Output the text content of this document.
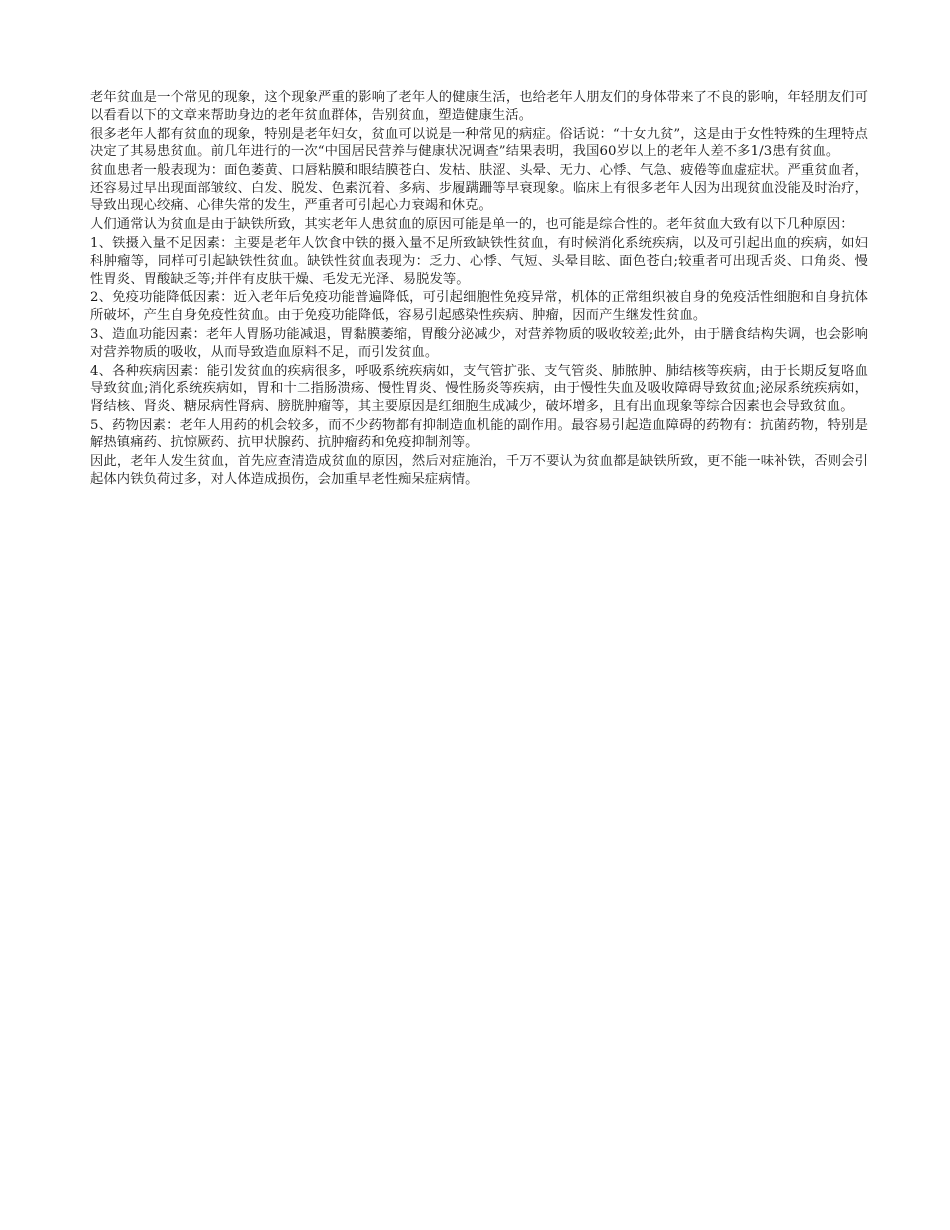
老年贫血是一个常见的现象，这个现象严重的影响了老年人的健康生活，也给老年人朋友们的身体带来了不良的影响，年轻朋友们可以看看以下的文章来帮助身边的老年贫血群体，告别贫血，塑造健康生活。

很多老年人都有贫血的现象，特别是老年妇女，贫血可以说是一种常见的病症。俗话说：“十女九贫”，这是由于女性特殊的生理特点决定了其易患贫血。前几年进行的一次“中国居民营养与健康状况调查”结果表明，我国60岁以上的老年人差不多1/3患有贫血。

贫血患者一般表现为：面色萎黄、口唇粘膜和眼结膜苍白、发枯、肤涩、头晕、无力、心悸、气急、疲倦等血虚症状。严重贫血者，还容易过早出现面部皱纹、白发、脱发、色素沉着、多病、步履蹒跚等早衰现象。临床上有很多老年人因为出现贫血没能及时治疗，导致出现心绞痛、心律失常的发生，严重者可引起心力衰竭和休克。

人们通常认为贫血是由于缺铁所致，其实老年人患贫血的原因可能是单一的，也可能是综合性的。老年贫血大致有以下几种原因：

1、铁摄入量不足因素：主要是老年人饮食中铁的摄入量不足所致缺铁性贫血，有时候消化系统疾病，以及可引起出血的疾病，如妇科肿瘤等，同样可引起缺铁性贫血。缺铁性贫血表现为：乏力、心悸、气短、头晕目眩、面色苍白;较重者可出现舌炎、口角炎、慢性胃炎、胃酸缺乏等;并伴有皮肤干燥、毛发无光泽、易脱发等。

2、免疫功能降低因素：近入老年后免疫功能普遍降低，可引起细胞性免疫异常，机体的正常组织被自身的免疫活性细胞和自身抗体所破坏，产生自身免疫性贫血。由于免疫功能降低，容易引起感染性疾病、肿瘤，因而产生继发性贫血。

3、造血功能因素：老年人胃肠功能减退，胃黏膜萎缩，胃酸分泌减少，对营养物质的吸收较差;此外，由于膳食结构失调，也会影响对营养物质的吸收，从而导致造血原料不足，而引发贫血。

4、各种疾病因素：能引发贫血的疾病很多，呼吸系统疾病如，支气管扩张、支气管炎、肺脓肿、肺结核等疾病，由于长期反复咯血导致贫血;消化系统疾病如，胃和十二指肠溃疡、慢性胃炎、慢性肠炎等疾病，由于慢性失血及吸收障碍导致贫血;泌尿系统疾病如，肾结核、肾炎、糖尿病性肾病、膀胱肿瘤等，其主要原因是红细胞生成减少，破坏增多，且有出血现象等综合因素也会导致贫血。

5、药物因素：老年人用药的机会较多，而不少药物都有抑制造血机能的副作用。最容易引起造血障碍的药物有：抗菌药物，特别是解热镇痛药、抗惊厥药、抗甲状腺药、抗肿瘤药和免疫抑制剂等。

因此，老年人发生贫血，首先应查清造成贫血的原因，然后对症施治，千万不要认为贫血都是缺铁所致，更不能一味补铁，否则会引起体内铁负荷过多，对人体造成损伤，会加重早老性痴呆症病情。
